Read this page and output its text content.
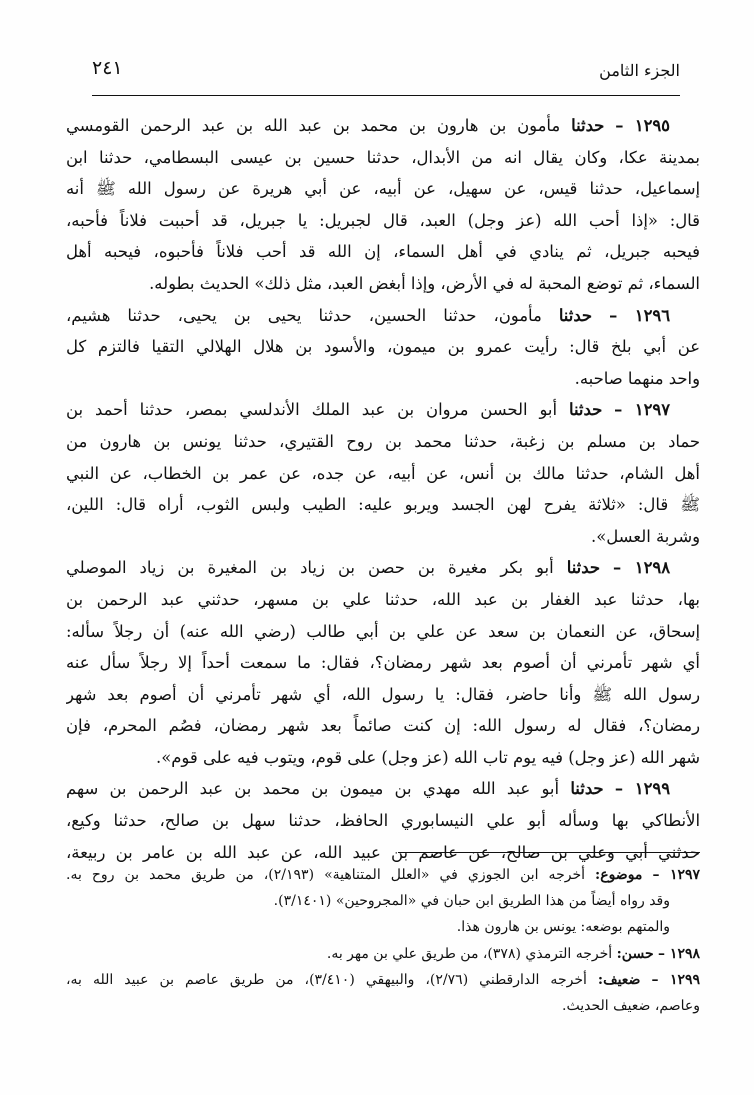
٢٤١	الجزء الثامن
١٢٩٥ – حدثنا مأمون بن هارون بن محمد بن عبد الله بن عبد الرحمن القومسي
بمدينة عكا، وكان يقال انه من الأبدال، حدثنا حسين بن عيسى البسطامي، حدثنا ابن
إسماعيل، حدثنا قيس، عن سهيل، عن أبيه، عن أبي هريرة عن رسول الله ﷺ أنه
قال: «إذا أحب الله (عز وجل) العبد، قال لجبريل: يا جبريل، قد أحببت فلاناً فأحبه،
فيحبه جبريل، ثم ينادي في أهل السماء، إن الله قد أحب فلاناً فأحبوه، فيحبه أهل
السماء، ثم توضع المحبة له في الأرض، وإذا أبغض العبد، مثل ذلك» الحديث بطوله.
١٢٩٦ – حدثنا مأمون، حدثنا الحسين، حدثنا يحيى بن يحيى، حدثنا هشيم،
عن أبي بلخ قال: رأيت عمرو بن ميمون، والأسود بن هلال الهلالي التقيا فالتزم كل
واحد منهما صاحبه.
١٢٩٧ – حدثنا أبو الحسن مروان بن عبد الملك الأندلسي بمصر، حدثنا أحمد بن
حماد بن مسلم بن زغبة، حدثنا محمد بن روح القتيري، حدثنا يونس بن هارون من
أهل الشام، حدثنا مالك بن أنس، عن أبيه، عن جده، عن عمر بن الخطاب، عن النبي
ﷺ قال: «ثلاثة يفرح لهن الجسد ويربو عليه: الطيب ولبس الثوب، أراه قال: اللين،
وشربة العسل».
١٢٩٨ – حدثنا أبو بكر مغيرة بن حصن بن زياد بن المغيرة بن زياد الموصلي
بها، حدثنا عبد الغفار بن عبد الله، حدثنا علي بن مسهر، حدثني عبد الرحمن بن
إسحاق، عن النعمان بن سعد عن علي بن أبي طالب (رضي الله عنه) أن رجلاً سأله:
أي شهر تأمرني أن أصوم بعد شهر رمضان؟، فقال: ما سمعت أحداً إلا رجلاً سأل عنه
رسول الله ﷺ وأنا حاضر، فقال: يا رسول الله، أي شهر تأمرني أن أصوم بعد شهر
رمضان؟، فقال له رسول الله: إن كنت صائماً بعد شهر رمضان، فصُم المحرم، فإن
شهر الله (عز وجل) فيه يوم تاب الله (عز وجل) على قوم، ويتوب فيه على قوم».
١٢٩٩ – حدثنا أبو عبد الله مهدي بن ميمون بن محمد بن عبد الرحمن بن سهم
الأنطاكي بها وسأله أبو علي النيسابوري الحافظ، حدثنا سهل بن صالح، حدثنا وكيع،
حدثني أبي وعلي بن صالح، عن عاصم بن عبيد الله، عن عبد الله بن عامر بن ربيعة،
١٢٩٧ – موضوع: أخرجه ابن الجوزي في «العلل المتناهية» (٢/١٩٣)، من طريق محمد بن روح به.
وقد رواه أيضاً من هذا الطريق ابن حبان في «المجروحين» (٣/١٤٠١).
والمتهم بوضعه: يونس بن هارون هذا.
١٢٩٨ – حسن: أخرجه الترمذي (٣٧٨)، من طريق علي بن مهر به.
١٢٩٩ – ضعيف: أخرجه الدارقطني (٢/٧٦)، والبيهقي (٣/٤١٠)، من طريق عاصم بن عبيد الله به،
وعاصم، ضعيف الحديث.
